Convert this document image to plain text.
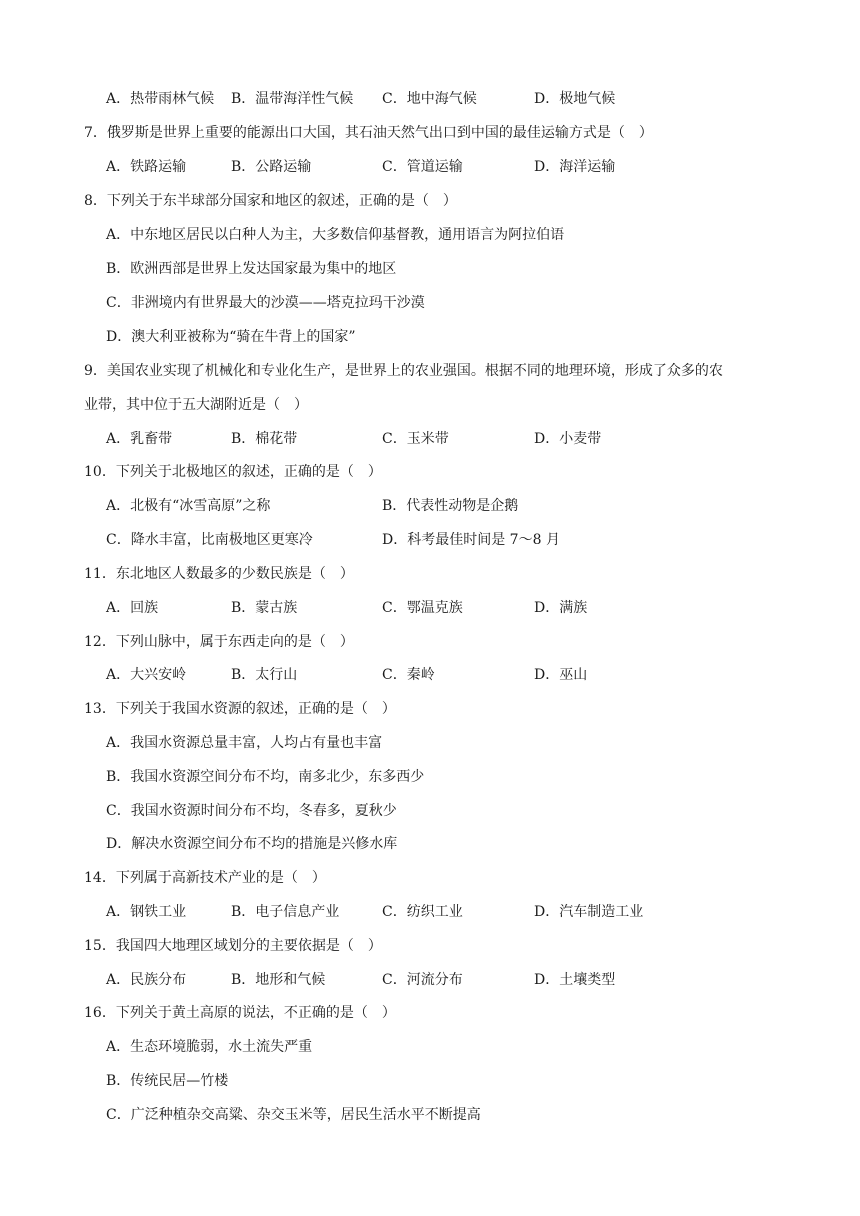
A．热带雨林气候 B．温带海洋性气候 C．地中海气候	D．极地气候
7．俄罗斯是世界上重要的能源出口大国，其石油天然气出口到中国的最佳运输方式是（　）
A．铁路运输	B．公路运输	C．管道运输	D．海洋运输
8．下列关于东半球部分国家和地区的叙述，正确的是（　）
A．中东地区居民以白种人为主，大多数信仰基督教，通用语言为阿拉伯语
B．欧洲西部是世界上发达国家最为集中的地区
C．非洲境内有世界最大的沙漠——塔克拉玛干沙漠
D．澳大利亚被称为“骑在牛背上的国家”
9．美国农业实现了机械化和专业化生产，是世界上的农业强国。根据不同的地理环境，形成了众多的农
业带，其中位于五大湖附近是（　）
A．乳畜带	B．棉花带	C．玉米带	D．小麦带
10．下列关于北极地区的叙述，正确的是（　）
A．北极有“冰雪高原”之称	B．代表性动物是企鹅
C．降水丰富，比南极地区更寒冷	D．科考最佳时间是 7～8 月
11．东北地区人数最多的少数民族是（　）
A．回族	B．蒙古族	C．鄂温克族	D．满族
12．下列山脉中，属于东西走向的是（　）
A．大兴安岭	B．太行山	C．秦岭	D．巫山
13．下列关于我国水资源的叙述，正确的是（　）
A．我国水资源总量丰富，人均占有量也丰富
B．我国水资源空间分布不均，南多北少，东多西少
C．我国水资源时间分布不均，冬春多，夏秋少
D．解决水资源空间分布不均的措施是兴修水库
14．下列属于高新技术产业的是（　）
A．钢铁工业	B．电子信息产业	C．纺织工业	D．汽车制造工业
15．我国四大地理区域划分的主要依据是（　）
A．民族分布	B．地形和气候	C．河流分布	D．土壤类型
16．下列关于黄土高原的说法，不正确的是（　）
A．生态环境脆弱，水土流失严重
B．传统民居—竹楼
C．广泛种植杂交高粱、杂交玉米等，居民生活水平不断提高
